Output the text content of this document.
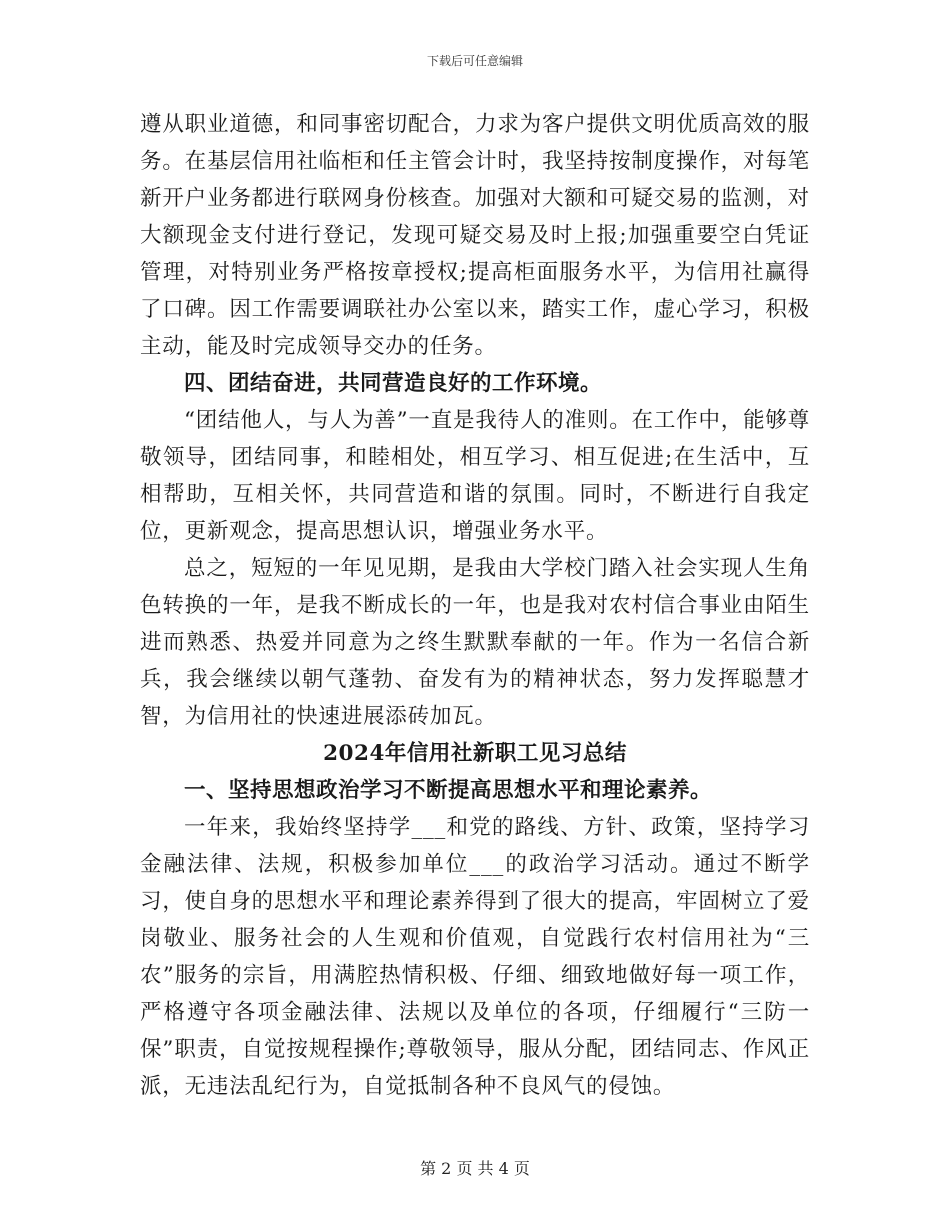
下载后可任意编辑

遵从职业道德，和同事密切配合，力求为客户提供文明优质高效的服务。在基层信用社临柜和任主管会计时，我坚持按制度操作，对每笔新开户业务都进行联网身份核查。加强对大额和可疑交易的监测，对大额现金支付进行登记，发现可疑交易及时上报;加强重要空白凭证管理，对特别业务严格按章授权;提高柜面服务水平，为信用社赢得了口碑。因工作需要调联社办公室以来，踏实工作，虚心学习，积极主动，能及时完成领导交办的任务。

四、团结奋进，共同营造良好的工作环境。

“团结他人，与人为善”一直是我待人的准则。在工作中，能够尊敬领导，团结同事，和睦相处，相互学习、相互促进;在生活中，互相帮助，互相关怀，共同营造和谐的氛围。同时，不断进行自我定位，更新观念，提高思想认识，增强业务水平。

总之，短短的一年见见期，是我由大学校门踏入社会实现人生角色转换的一年，是我不断成长的一年，也是我对农村信合事业由陌生进而熟悉、热爱并同意为之终生默默奉献的一年。作为一名信合新兵，我会继续以朝气蓬勃、奋发有为的精神状态，努力发挥聪慧才智，为信用社的快速进展添砖加瓦。

2024年信用社新职工见习总结

一、坚持思想政治学习不断提高思想水平和理论素养。

一年来，我始终坚持学___和党的路线、方针、政策，坚持学习金融法律、法规，积极参加单位___的政治学习活动。通过不断学习，使自身的思想水平和理论素养得到了很大的提高，牢固树立了爱岗敬业、服务社会的人生观和价值观，自觉践行农村信用社为“三农”服务的宗旨，用满腔热情积极、仔细、细致地做好每一项工作，严格遵守各项金融法律、法规以及单位的各项，仔细履行“三防一保”职责，自觉按规程操作;尊敬领导，服从分配，团结同志、作风正派，无违法乱纪行为，自觉抵制各种不良风气的侵蚀。

第 2 页 共 4 页
